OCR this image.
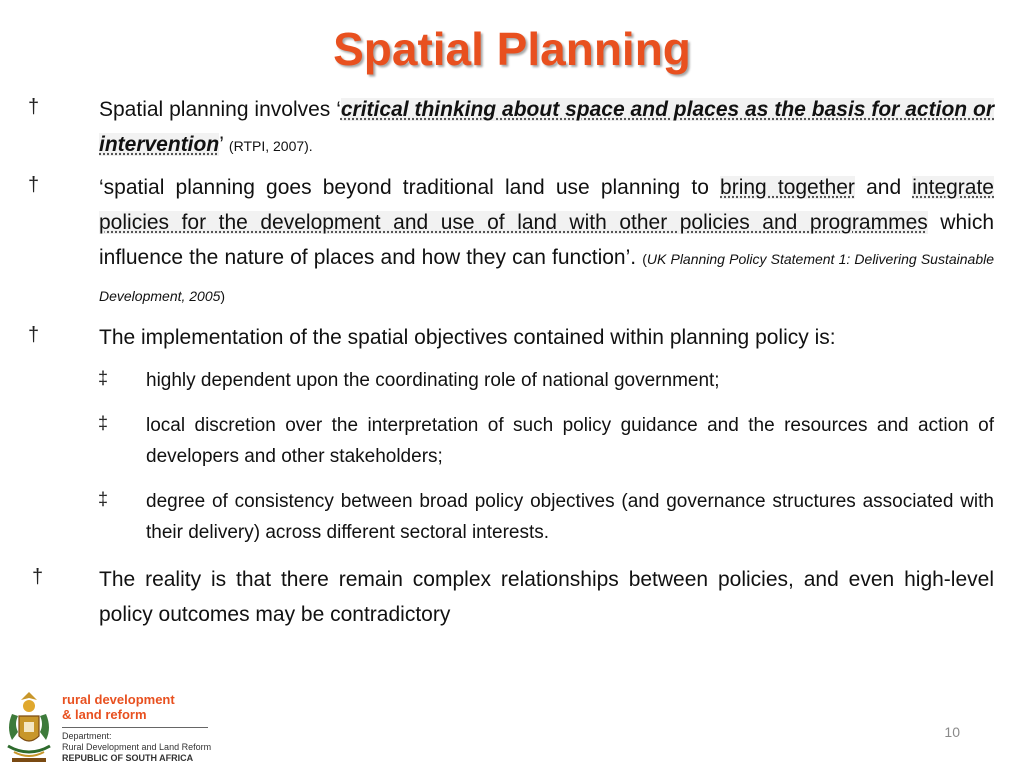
Spatial Planning
†	Spatial planning involves ‘critical thinking about space and places as the basis for action or intervention’ (RTPI, 2007).
†	‘spatial planning goes beyond traditional land use planning to bring together and integrate policies for the development and use of land with other policies and programmes which influence the nature of places and how they can function’. (UK Planning Policy Statement 1: Delivering Sustainable Development, 2005)
†	The implementation of the spatial objectives contained within planning policy is:
‡ highly dependent upon the coordinating role of national government;
‡ local discretion over the interpretation of such policy guidance and the resources and action of developers and other stakeholders;
‡ degree of consistency between broad policy objectives (and governance structures associated with their delivery) across different sectoral interests.
†	The reality is that there remain complex relationships between policies, and even high-level policy outcomes may be contradictory
rural development
& land reform
Department:
Rural Development and Land Reform
REPUBLIC OF SOUTH AFRICA
10
